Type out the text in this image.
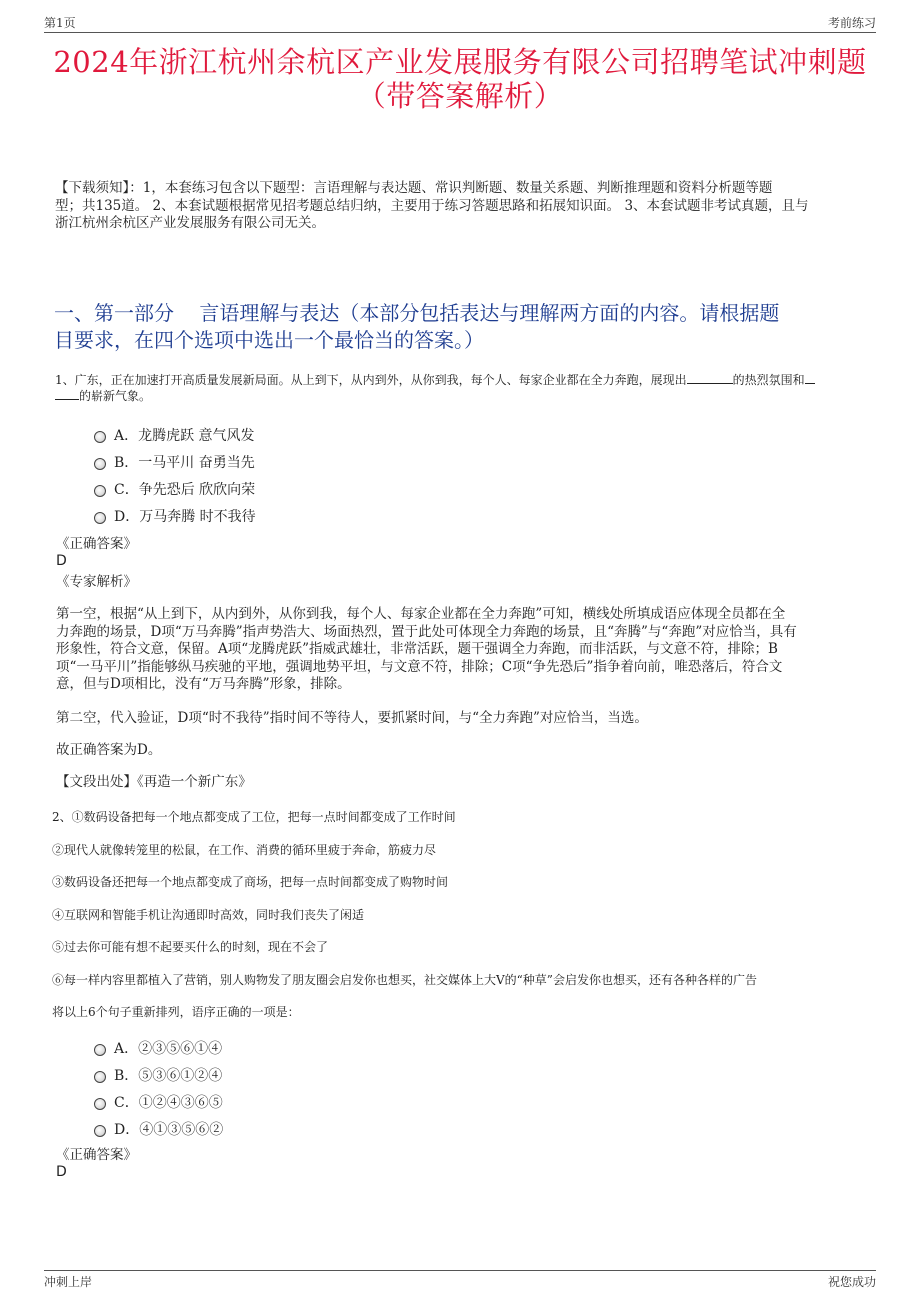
第1页	考前练习
2024年浙江杭州余杭区产业发展服务有限公司招聘笔试冲刺题
（带答案解析）
【下载须知】：1，本套练习包含以下题型：言语理解与表达题、常识判断题、数量关系题、判断推理题和资料分析题等题
型；共135道。 2、本套试题根据常见招考题总结归纳，主要用于练习答题思路和拓展知识面。 3、本套试题非考试真题，且与
浙江杭州余杭区产业发展服务有限公司无关。
一、第一部分    言语理解与表达（本部分包括表达与理解两方面的内容。请根据题
目要求，在四个选项中选出一个最恰当的答案。）
1、广东，正在加速打开高质量发展新局面。从上到下，从内到外，从你到我，每个人、每家企业都在全力奔跑，展现出	的热烈氛围和
的崭新气象。
A．龙腾虎跃 意气风发
B．一马平川 奋勇当先
C．争先恐后 欣欣向荣
D．万马奔腾 时不我待
《正确答案》
D
《专家解析》
第一空，根据“从上到下，从内到外，从你到我，每个人、每家企业都在全力奔跑”可知，横线处所填成语应体现全员都在全
力奔跑的场景，D项“万马奔腾”指声势浩大、场面热烈，置于此处可体现全力奔跑的场景，且“奔腾”与“奔跑”对应恰当，具有
形象性，符合文意，保留。A项“龙腾虎跃”指威武雄壮，非常活跃，题干强调全力奔跑，而非活跃，与文意不符，排除；B
项“一马平川”指能够纵马疾驰的平地，强调地势平坦，与文意不符，排除；C项“争先恐后”指争着向前，唯恐落后，符合文
意，但与D项相比，没有“万马奔腾”形象，排除。
第二空，代入验证，D项“时不我待”指时间不等待人，要抓紧时间，与“全力奔跑”对应恰当，当选。
故正确答案为D。
【文段出处】《再造一个新广东》
2、①数码设备把每一个地点都变成了工位，把每一点时间都变成了工作时间
②现代人就像转笼里的松鼠，在工作、消费的循环里疲于奔命，筋疲力尽
③数码设备还把每一个地点都变成了商场，把每一点时间都变成了购物时间
④互联网和智能手机让沟通即时高效，同时我们丧失了闲适
⑤过去你可能有想不起要买什么的时刻，现在不会了
⑥每一样内容里都植入了营销，别人购物发了朋友圈会启发你也想买，社交媒体上大V的“种草”会启发你也想买，还有各种各样的广告
将以上6个句子重新排列，语序正确的一项是：
A．②③⑤⑥①④
B．⑤③⑥①②④
C．①②④③⑥⑤
D．④①③⑤⑥②
《正确答案》
D
冲刺上岸	祝您成功
